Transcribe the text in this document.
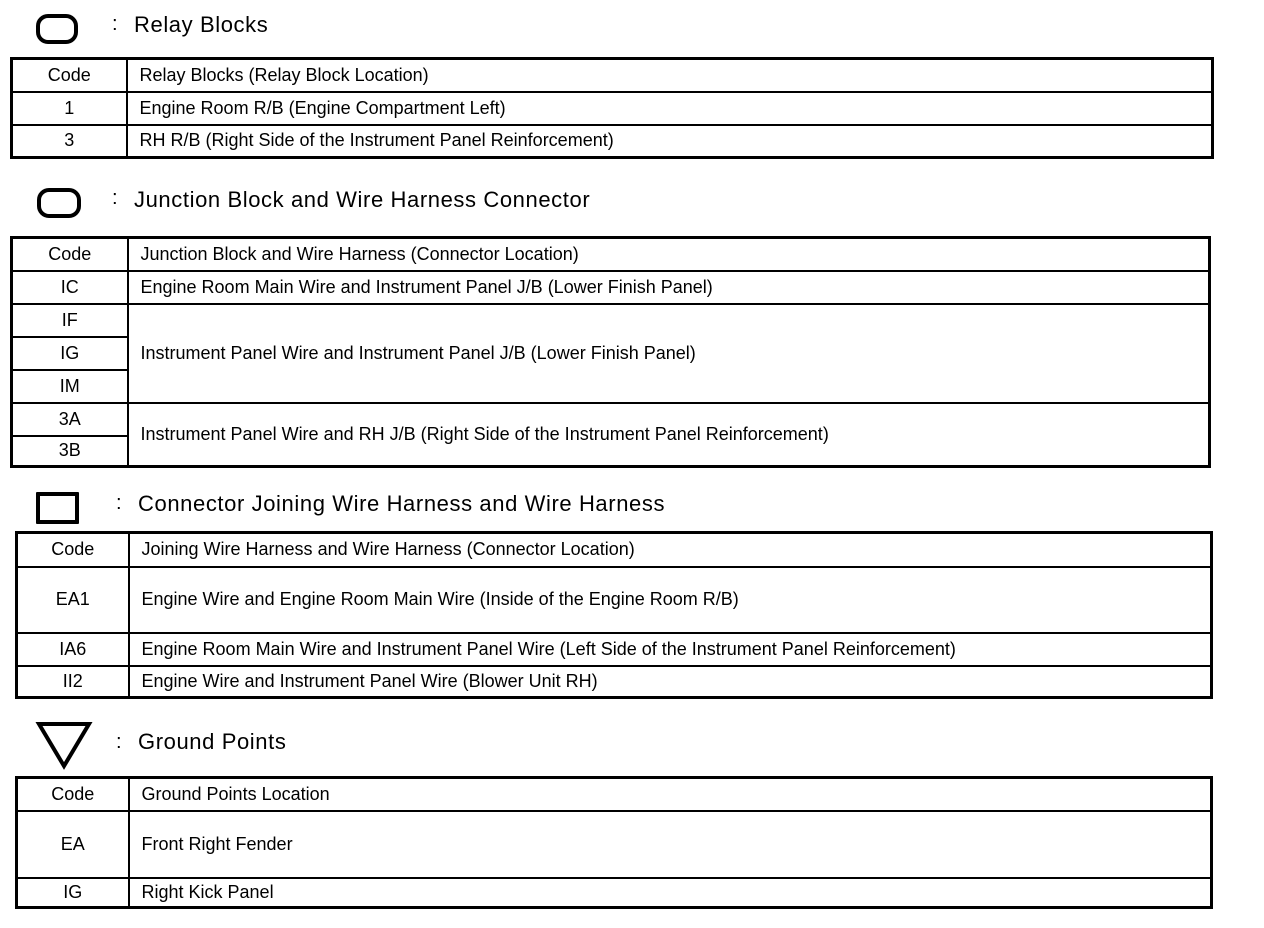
: Relay Blocks
Code	Relay Blocks (Relay Block Location)
1	Engine Room R/B (Engine Compartment Left)
3	RH R/B (Right Side of the Instrument Panel Reinforcement)
: Junction Block and Wire Harness Connector
Code	Junction Block and Wire Harness (Connector Location)
IC	Engine Room Main Wire and Instrument Panel J/B (Lower Finish Panel)
IF	Instrument Panel Wire and Instrument Panel J/B (Lower Finish Panel)
IG	
IM	
3A	Instrument Panel Wire and RH J/B (Right Side of the Instrument Panel Reinforcement)
3B	
: Connector Joining Wire Harness and Wire Harness
Code	Joining Wire Harness and Wire Harness (Connector Location)
EA1	Engine Wire and Engine Room Main Wire (Inside of the Engine Room R/B)
IA6	Engine Room Main Wire and Instrument Panel Wire (Left Side of the Instrument Panel Reinforcement)
II2	Engine Wire and Instrument Panel Wire (Blower Unit RH)
: Ground Points
Code	Ground Points Location
EA	Front Right Fender
IG	Right Kick Panel
